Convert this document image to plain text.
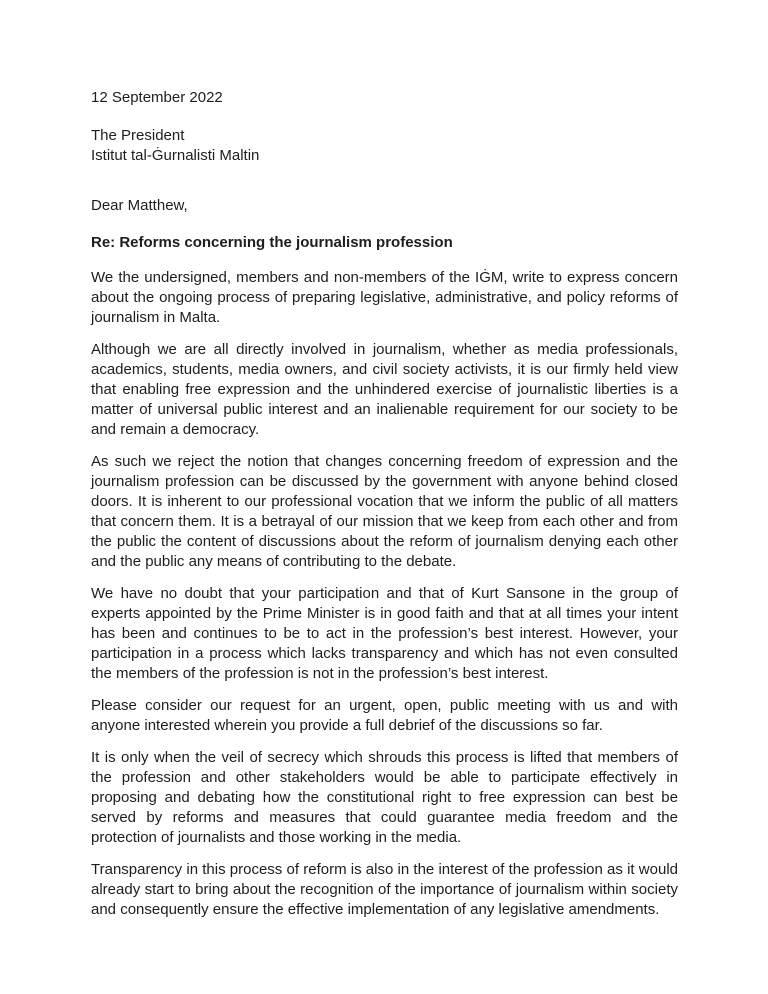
12 September 2022

The President

Istitut tal-Ġurnalisti Maltin

Dear Matthew,

Re: Reforms concerning the journalism profession

We the undersigned, members and non-members of the IĠM, write to express concern about the ongoing process of preparing legislative, administrative, and policy reforms of journalism in Malta.

Although we are all directly involved in journalism, whether as media professionals, academics, students, media owners, and civil society activists, it is our firmly held view that enabling free expression and the unhindered exercise of journalistic liberties is a matter of universal public interest and an inalienable requirement for our society to be and remain a democracy.

As such we reject the notion that changes concerning freedom of expression and the journalism profession can be discussed by the government with anyone behind closed doors. It is inherent to our professional vocation that we inform the public of all matters that concern them. It is a betrayal of our mission that we keep from each other and from the public the content of discussions about the reform of journalism denying each other and the public any means of contributing to the debate.

We have no doubt that your participation and that of Kurt Sansone in the group of experts appointed by the Prime Minister is in good faith and that at all times your intent has been and continues to be to act in the profession’s best interest. However, your participation in a process which lacks transparency and which has not even consulted the members of the profession is not in the profession’s best interest.

Please consider our request for an urgent, open, public meeting with us and with anyone interested wherein you provide a full debrief of the discussions so far.

It is only when the veil of secrecy which shrouds this process is lifted that members of the profession and other stakeholders would be able to participate effectively in proposing and debating how the constitutional right to free expression can best be served by reforms and measures that could guarantee media freedom and the protection of journalists and those working in the media.

Transparency in this process of reform is also in the interest of the profession as it would already start to bring about the recognition of the importance of journalism within society and consequently ensure the effective implementation of any legislative amendments.
